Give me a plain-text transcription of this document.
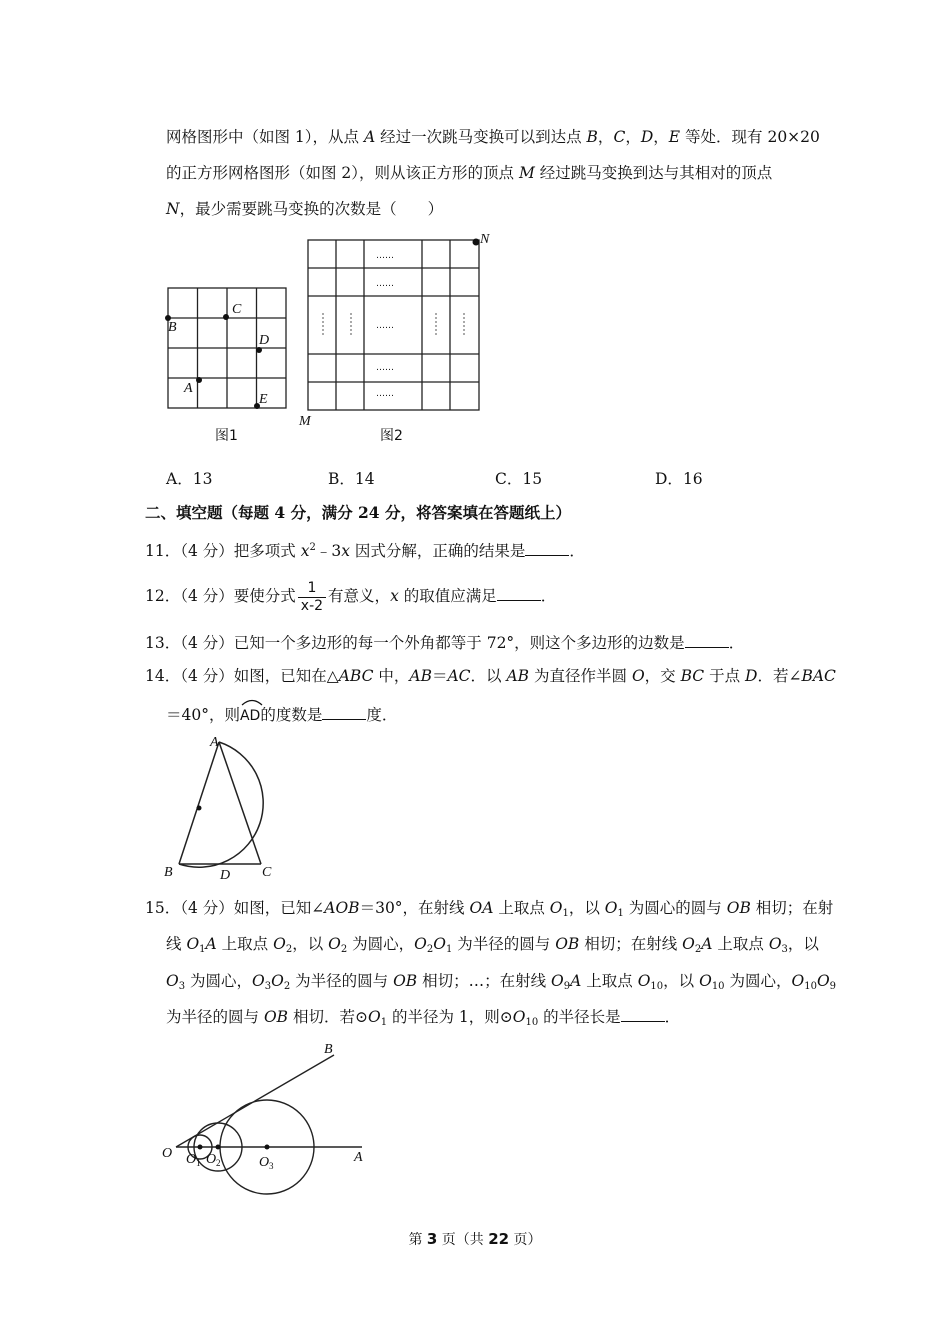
网格图形中（如图 1），从点 A 经过一次跳马变换可以到达点 B，C，D，E 等处．现有 20×20
的正方形网格图形（如图 2），则从该正方形的顶点 M 经过跳马变换到达与其相对的顶点
N，最少需要跳马变换的次数是（　　）
B
C
D
A
E
图1
……
……
……
……
……
N
M
图2
A．13	B．14	C．15	D．16
二、填空题（每题 4 分，满分 24 分，将答案填在答题纸上）
11．（4 分）把多项式 $x^2﹣3x$ 因式分解，正确的结果是	．
12．（4 分）要使分式 $\frac{1}{x-2}$ 有意义，x 的取值应满足	．
13．（4 分）已知一个多边形的每一个外角都等于 72°，则这个多边形的边数是	．
14．（4 分）如图，已知在△ABC 中，AB＝AC．以 AB 为直径作半圆 O，交 BC 于点 D．若∠BAC
＝40°，则
AD的度数是	度．
A
B	C
D
15．（4 分）如图，已知∠AOB＝30°，在射线 OA 上取点 $O_1$，以 $O_1$ 为圆心的圆与 OB 相切；在射
线 $O_1A$ 上取点 $O_2$，以 $O_2$ 为圆心，$O_2O_1$ 为半径的圆与 OB 相切；在射线 $O_2A$ 上取点 $O_3$，以
$O_3$ 为圆心，$O_3O_2$ 为半径的圆与 OB 相切；…；在射线 $O_9A$ 上取点 $O_{10}$，以 $O_{10}$ 为圆心，$O_{10}O_9$
为半径的圆与 OB 相切．若$⊙O_1$ 的半径为 1，则$⊙O_{10}$ 的半径长是	．
O	A
B
O 1 O 2	O 3
第 3 页（共 22 页）
